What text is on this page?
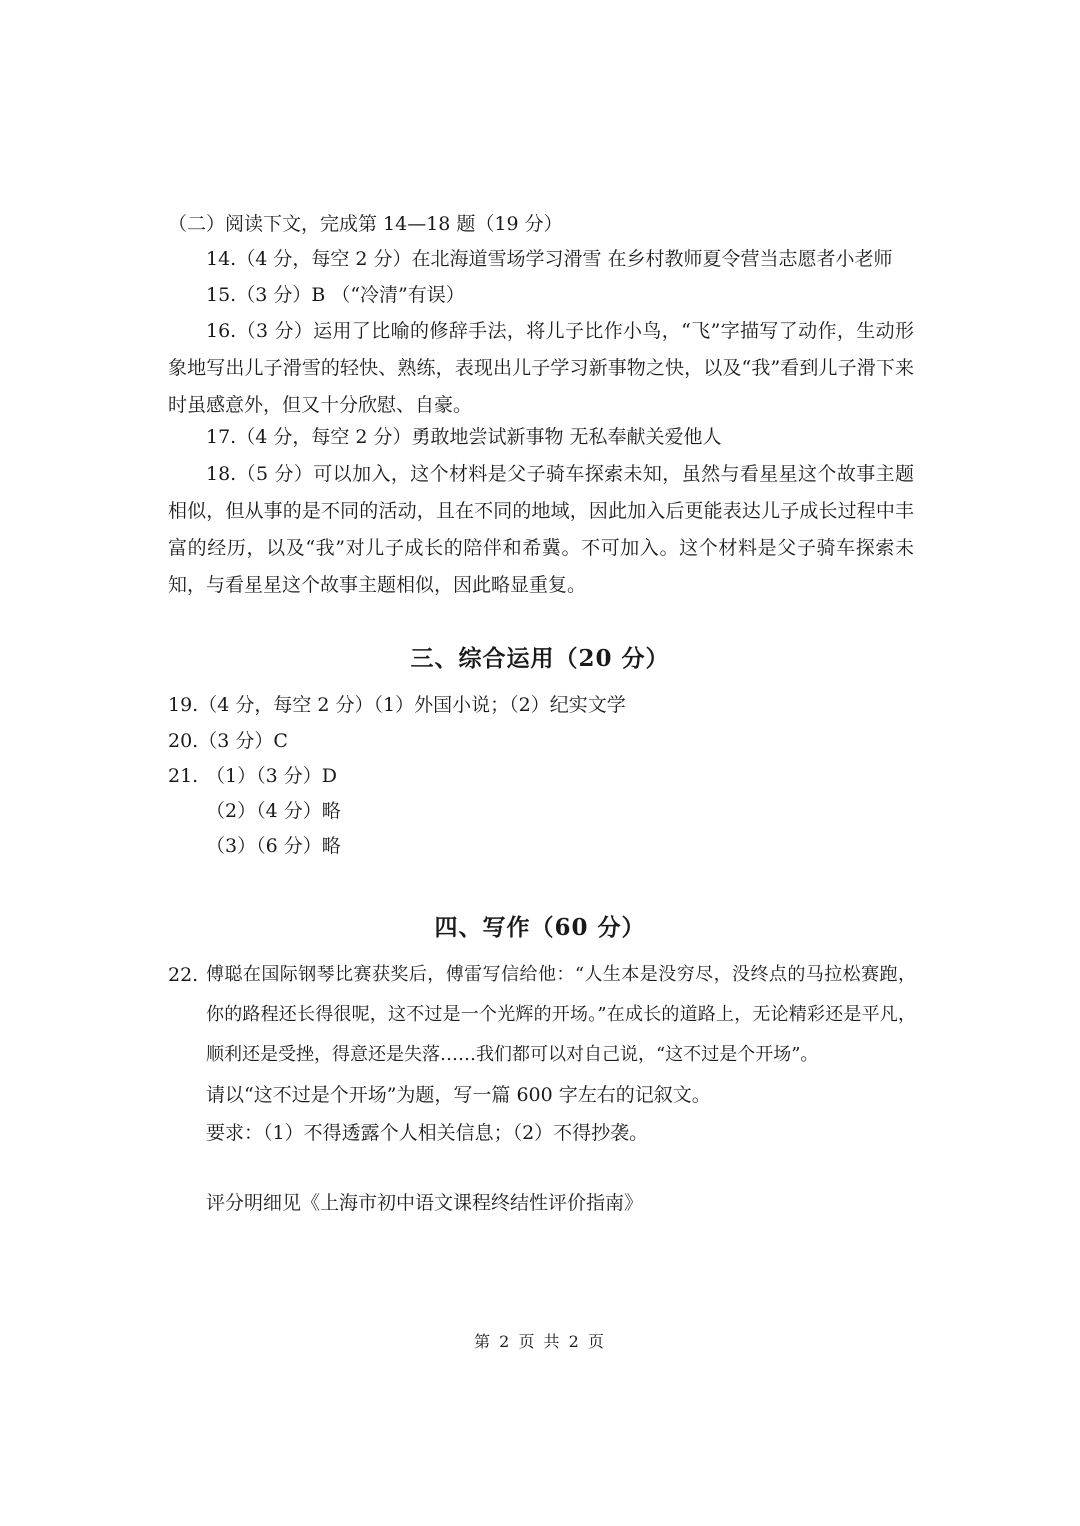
（二）阅读下文，完成第 14—18 题（19 分）
14.（4 分，每空 2 分）在北海道雪场学习滑雪 在乡村教师夏令营当志愿者小老师
15.（3 分）B （“冷清”有误）
16.（3 分）运用了比喻的修辞手法，将儿子比作小鸟，“飞”字描写了动作，生动形象地写出儿子滑雪的轻快、熟练，表现出儿子学习新事物之快，以及“我”看到儿子滑下来时虽感意外，但又十分欣慰、自豪。
17.（4 分，每空 2 分）勇敢地尝试新事物 无私奉献关爱他人
18.（5 分）可以加入，这个材料是父子骑车探索未知，虽然与看星星这个故事主题相似，但从事的是不同的活动，且在不同的地域，因此加入后更能表达儿子成长过程中丰富的经历，以及“我”对儿子成长的陪伴和希冀。不可加入。这个材料是父子骑车探索未知，与看星星这个故事主题相似，因此略显重复。
三、综合运用（20 分）
19.（4 分，每空 2 分）（1）外国小说；（2）纪实文学
20.（3 分）C
21. （1）（3 分）D
（2）（4 分）略
（3）（6 分）略
四、写作（60 分）
22. 傅聪在国际钢琴比赛获奖后，傅雷写信给他：“人生本是没穷尽，没终点的马拉松赛跑，你的路程还长得很呢，这不过是一个光辉的开场。”在成长的道路上，无论精彩还是平凡，顺利还是受挫，得意还是失落……我们都可以对自己说，“这不过是个开场”。
请以“这不过是个开场”为题，写一篇 600 字左右的记叙文。
要求：（1）不得透露个人相关信息；（2）不得抄袭。
评分明细见《上海市初中语文课程终结性评价指南》
第 2 页 共 2 页
